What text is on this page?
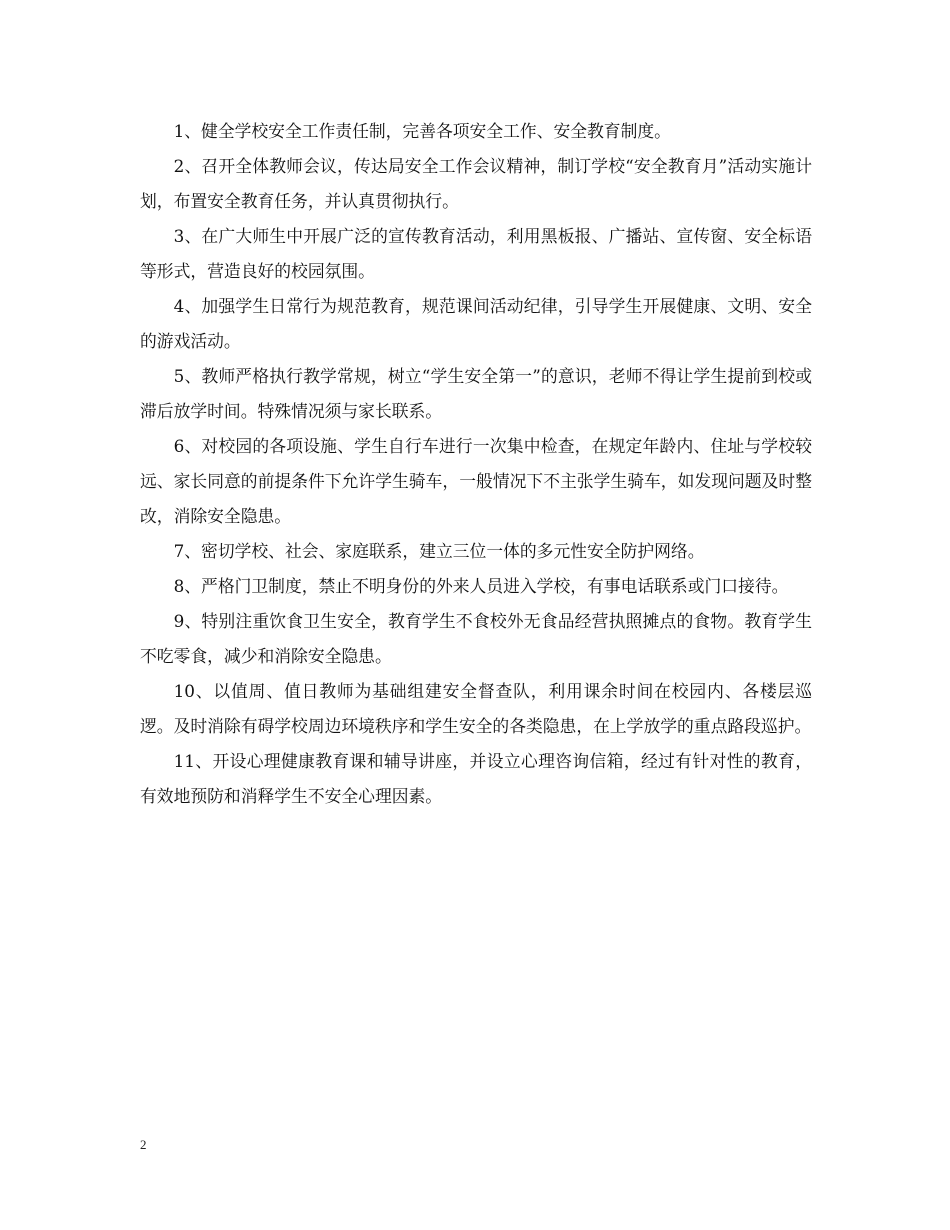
1、健全学校安全工作责任制，完善各项安全工作、安全教育制度。

2、召开全体教师会议，传达局安全工作会议精神，制订学校“安全教育月”活动实施计划，布置安全教育任务，并认真贯彻执行。

3、在广大师生中开展广泛的宣传教育活动，利用黑板报、广播站、宣传窗、安全标语等形式，营造良好的校园氛围。

4、加强学生日常行为规范教育，规范课间活动纪律，引导学生开展健康、文明、安全的游戏活动。

5、教师严格执行教学常规，树立“学生安全第一”的意识，老师不得让学生提前到校或滞后放学时间。特殊情况须与家长联系。

6、对校园的各项设施、学生自行车进行一次集中检查，在规定年龄内、住址与学校较远、家长同意的前提条件下允许学生骑车，一般情况下不主张学生骑车，如发现问题及时整改，消除安全隐患。

7、密切学校、社会、家庭联系，建立三位一体的多元性安全防护网络。

8、严格门卫制度，禁止不明身份的外来人员进入学校，有事电话联系或门口接待。

9、特别注重饮食卫生安全，教育学生不食校外无食品经营执照摊点的食物。教育学生不吃零食，减少和消除安全隐患。

10、以值周、值日教师为基础组建安全督查队，利用课余时间在校园内、各楼层巡逻。及时消除有碍学校周边环境秩序和学生安全的各类隐患，在上学放学的重点路段巡护。

11、开设心理健康教育课和辅导讲座，并设立心理咨询信箱，经过有针对性的教育，有效地预防和消释学生不安全心理因素。

2
